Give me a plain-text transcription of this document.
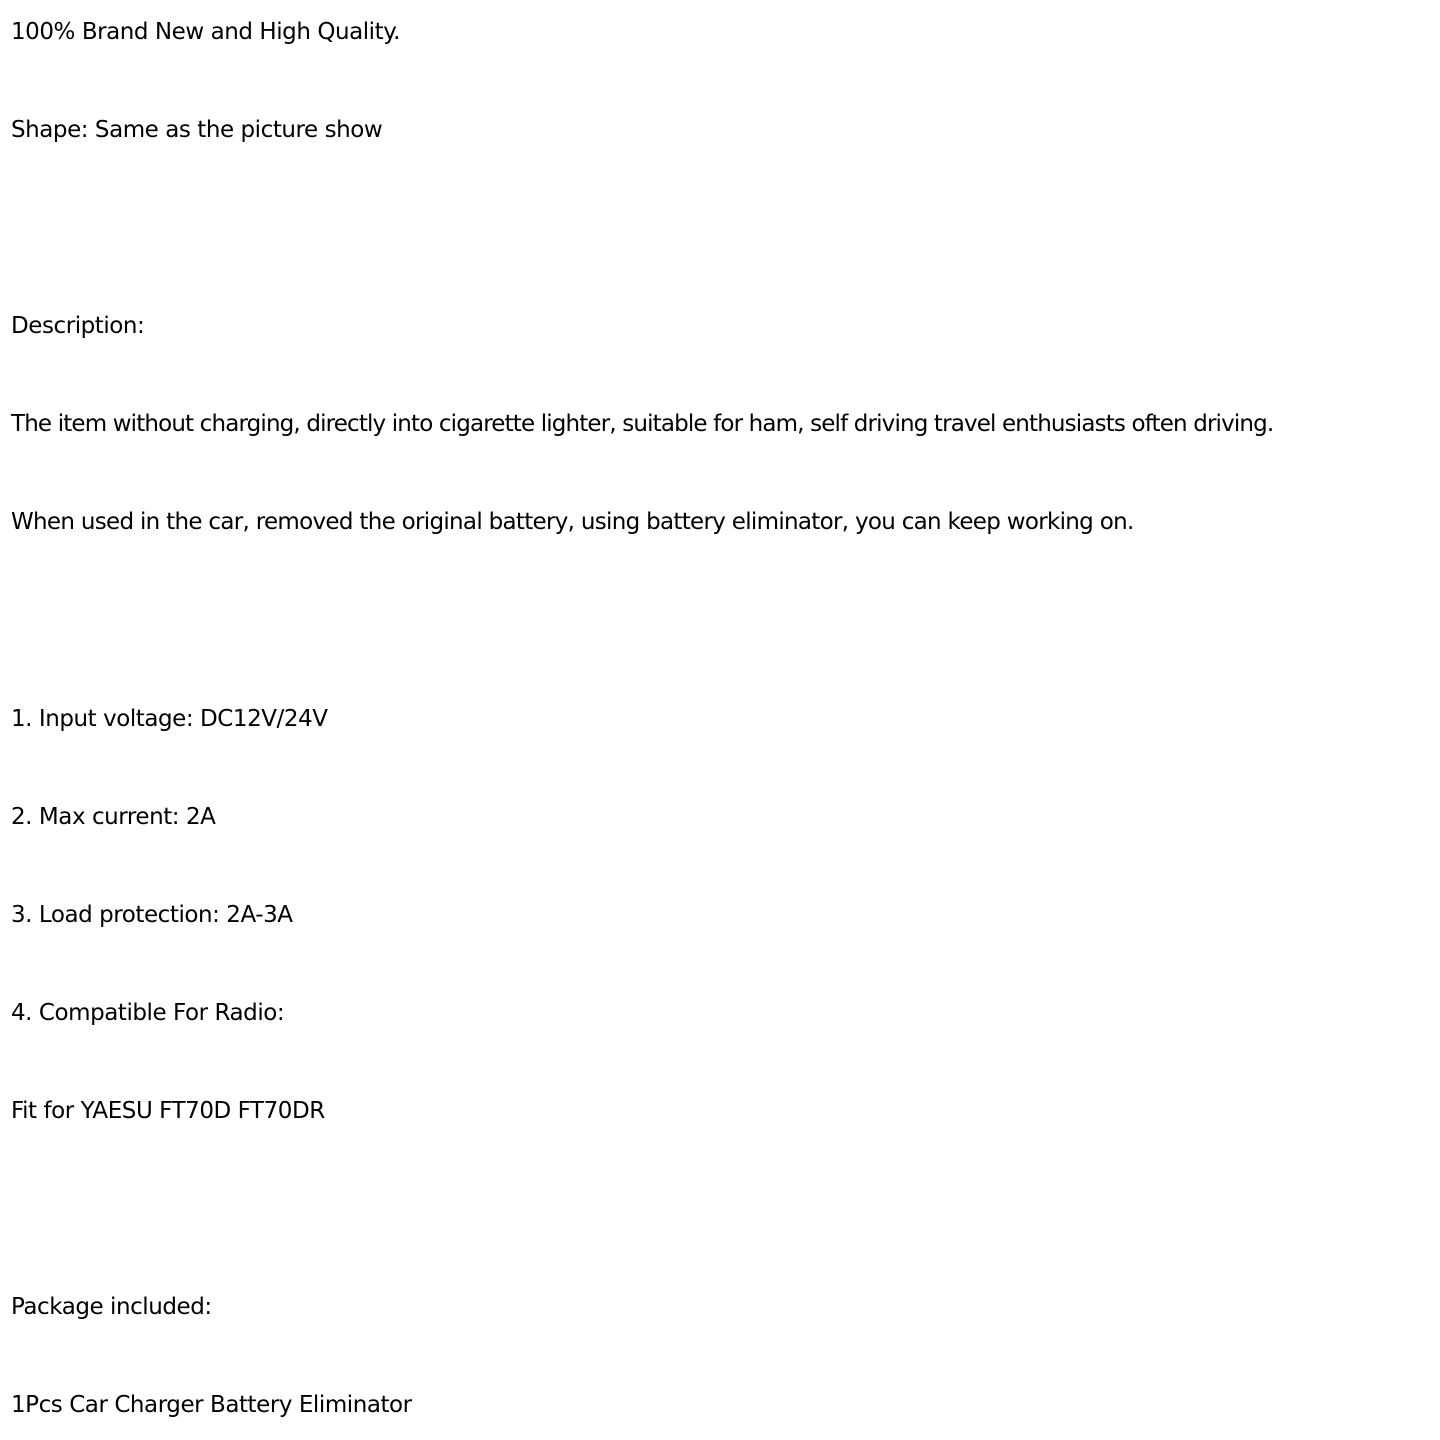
100% Brand New and High Quality.
Shape: Same as the picture show
Description:
The item without charging, directly into cigarette lighter, suitable for ham, self driving travel enthusiasts often driving.
When used in the car, removed the original battery, using battery eliminator, you can keep working on.
1. Input voltage: DC12V/24V
2. Max current: 2A
3. Load protection: 2A-3A
4. Compatible For Radio:
Fit for YAESU FT70D FT70DR
Package included:
1Pcs Car Charger Battery Eliminator
